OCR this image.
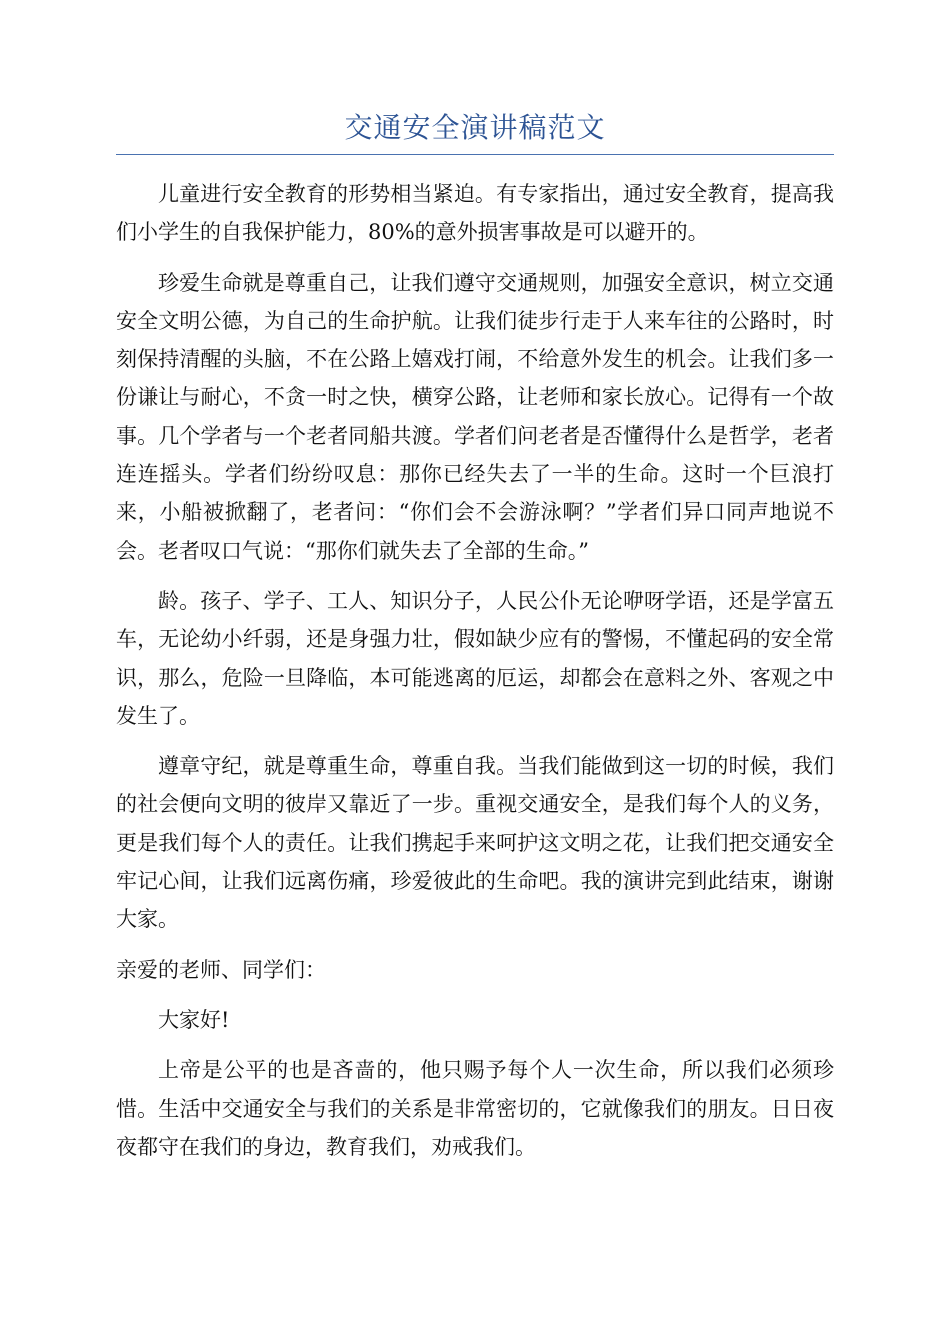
交通安全演讲稿范文

儿童进行安全教育的形势相当紧迫。有专家指出，通过安全教育，提高我们小学生的自我保护能力，80%的意外损害事故是可以避开的。

珍爱生命就是尊重自己，让我们遵守交通规则，加强安全意识，树立交通安全文明公德，为自己的生命护航。让我们徒步行走于人来车往的公路时，时刻保持清醒的头脑，不在公路上嬉戏打闹，不给意外发生的机会。让我们多一份谦让与耐心，不贪一时之快，横穿公路，让老师和家长放心。记得有一个故事。几个学者与一个老者同船共渡。学者们问老者是否懂得什么是哲学，老者连连摇头。学者们纷纷叹息：那你已经失去了一半的生命。这时一个巨浪打来，小船被掀翻了，老者问：“你们会不会游泳啊？”学者们异口同声地说不会。老者叹口气说：“那你们就失去了全部的生命。”

龄。孩子、学子、工人、知识分子，人民公仆无论咿呀学语，还是学富五车，无论幼小纤弱，还是身强力壮，假如缺少应有的警惕，不懂起码的安全常识，那么，危险一旦降临，本可能逃离的厄运，却都会在意料之外、客观之中发生了。

遵章守纪，就是尊重生命，尊重自我。当我们能做到这一切的时候，我们的社会便向文明的彼岸又靠近了一步。重视交通安全，是我们每个人的义务，更是我们每个人的责任。让我们携起手来呵护这文明之花，让我们把交通安全牢记心间，让我们远离伤痛，珍爱彼此的生命吧。我的演讲完到此结束，谢谢大家。

亲爱的老师、同学们：

大家好!

上帝是公平的也是吝啬的，他只赐予每个人一次生命，所以我们必须珍惜。生活中交通安全与我们的关系是非常密切的，它就像我们的朋友。日日夜夜都守在我们的身边，教育我们，劝戒我们。
